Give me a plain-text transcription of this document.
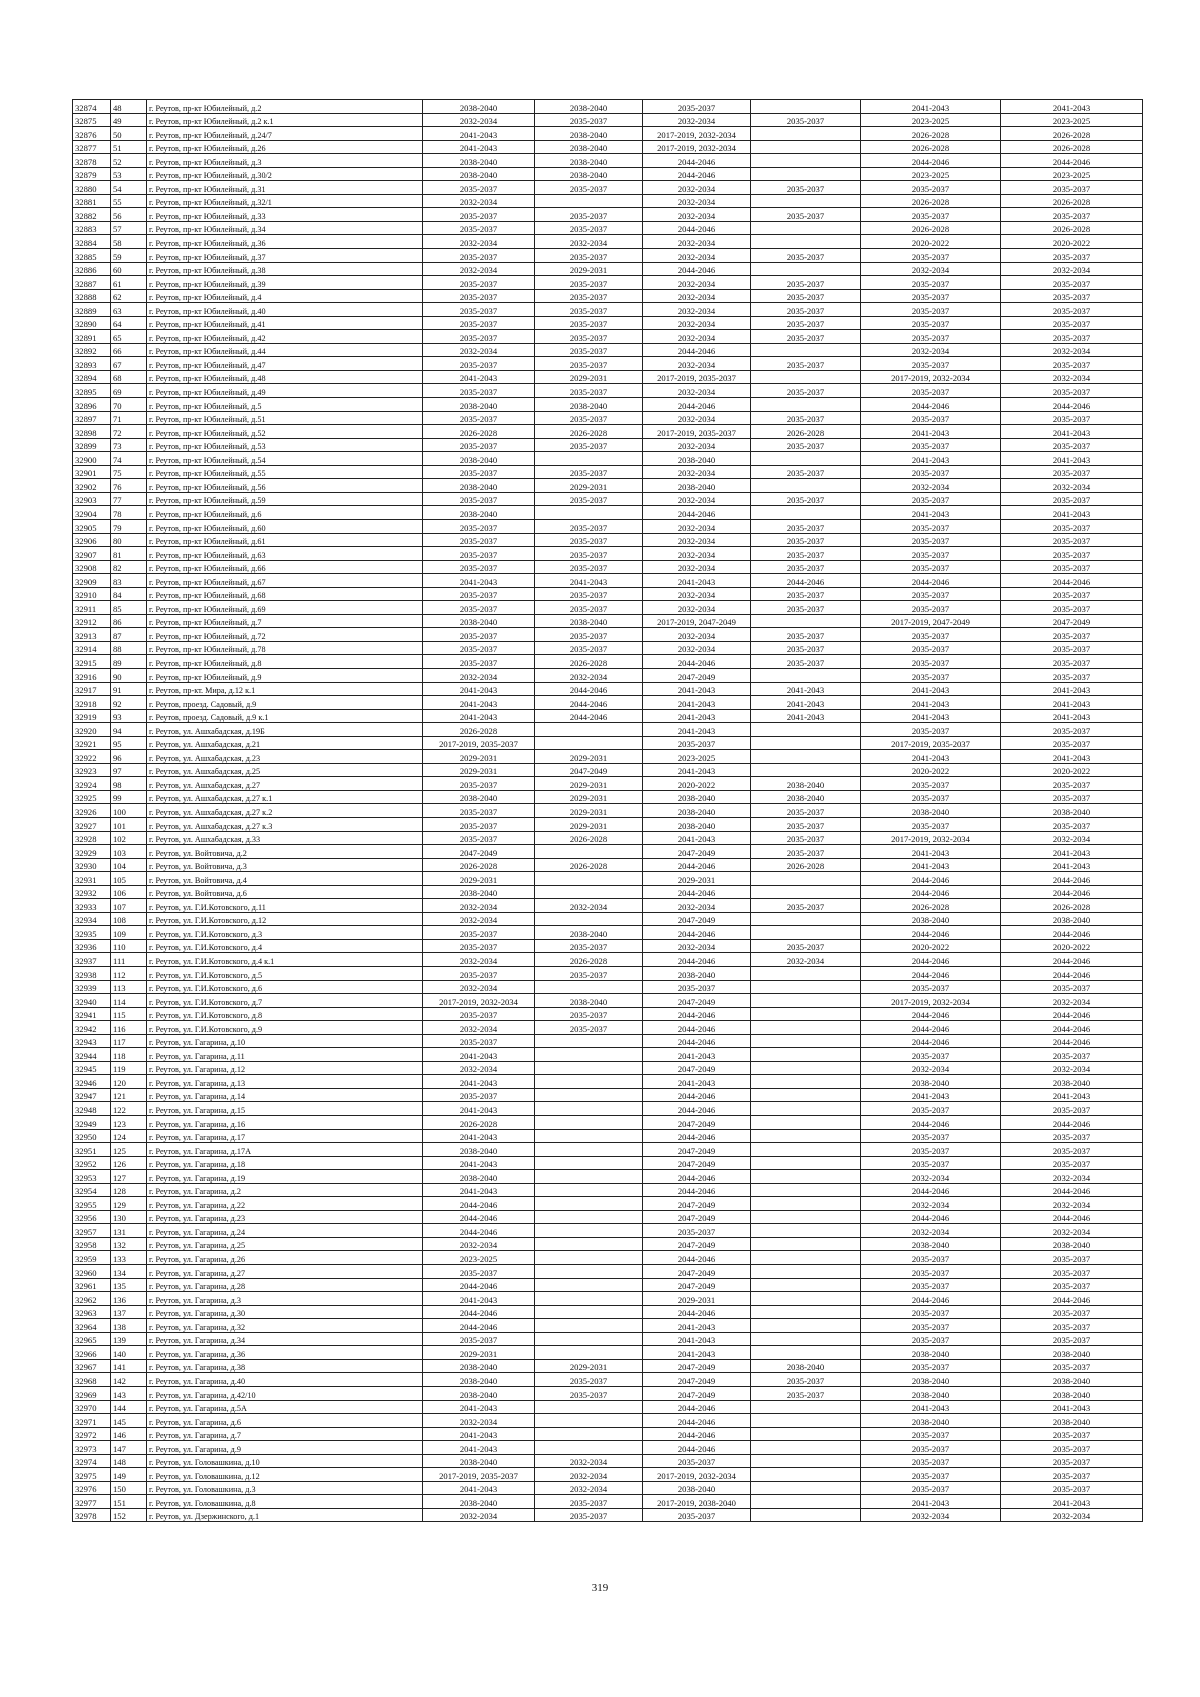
32874	48	г. Реутов, пр-кт Юбилейный, д.2	2038-2040	2038-2040	2035-2037		2041-2043	2041-2043
32875	49	г. Реутов, пр-кт Юбилейный, д.2 к.1	2032-2034	2035-2037	2032-2034	2035-2037	2023-2025	2023-2025
32876	50	г. Реутов, пр-кт Юбилейный, д.24/7	2041-2043	2038-2040	2017-2019, 2032-2034		2026-2028	2026-2028
32877	51	г. Реутов, пр-кт Юбилейный, д.26	2041-2043	2038-2040	2017-2019, 2032-2034		2026-2028	2026-2028
32878	52	г. Реутов, пр-кт Юбилейный, д.3	2038-2040	2038-2040	2044-2046		2044-2046	2044-2046
32879	53	г. Реутов, пр-кт Юбилейный, д.30/2	2038-2040	2038-2040	2044-2046		2023-2025	2023-2025
32880	54	г. Реутов, пр-кт Юбилейный, д.31	2035-2037	2035-2037	2032-2034	2035-2037	2035-2037	2035-2037
32881	55	г. Реутов, пр-кт Юбилейный, д.32/1	2032-2034		2032-2034		2026-2028	2026-2028
32882	56	г. Реутов, пр-кт Юбилейный, д.33	2035-2037	2035-2037	2032-2034	2035-2037	2035-2037	2035-2037
32883	57	г. Реутов, пр-кт Юбилейный, д.34	2035-2037	2035-2037	2044-2046		2026-2028	2026-2028
32884	58	г. Реутов, пр-кт Юбилейный, д.36	2032-2034	2032-2034	2032-2034		2020-2022	2020-2022
32885	59	г. Реутов, пр-кт Юбилейный, д.37	2035-2037	2035-2037	2032-2034	2035-2037	2035-2037	2035-2037
32886	60	г. Реутов, пр-кт Юбилейный, д.38	2032-2034	2029-2031	2044-2046		2032-2034	2032-2034
32887	61	г. Реутов, пр-кт Юбилейный, д.39	2035-2037	2035-2037	2032-2034	2035-2037	2035-2037	2035-2037
32888	62	г. Реутов, пр-кт Юбилейный, д.4	2035-2037	2035-2037	2032-2034	2035-2037	2035-2037	2035-2037
32889	63	г. Реутов, пр-кт Юбилейный, д.40	2035-2037	2035-2037	2032-2034	2035-2037	2035-2037	2035-2037
32890	64	г. Реутов, пр-кт Юбилейный, д.41	2035-2037	2035-2037	2032-2034	2035-2037	2035-2037	2035-2037
32891	65	г. Реутов, пр-кт Юбилейный, д.42	2035-2037	2035-2037	2032-2034	2035-2037	2035-2037	2035-2037
32892	66	г. Реутов, пр-кт Юбилейный, д.44	2032-2034	2035-2037	2044-2046		2032-2034	2032-2034
32893	67	г. Реутов, пр-кт Юбилейный, д.47	2035-2037	2035-2037	2032-2034	2035-2037	2035-2037	2035-2037
32894	68	г. Реутов, пр-кт Юбилейный, д.48	2041-2043	2029-2031	2017-2019, 2035-2037		2017-2019, 2032-2034	2032-2034
32895	69	г. Реутов, пр-кт Юбилейный, д.49	2035-2037	2035-2037	2032-2034	2035-2037	2035-2037	2035-2037
32896	70	г. Реутов, пр-кт Юбилейный, д.5	2038-2040	2038-2040	2044-2046		2044-2046	2044-2046
32897	71	г. Реутов, пр-кт Юбилейный, д.51	2035-2037	2035-2037	2032-2034	2035-2037	2035-2037	2035-2037
32898	72	г. Реутов, пр-кт Юбилейный, д.52	2026-2028	2026-2028	2017-2019, 2035-2037	2026-2028	2041-2043	2041-2043
32899	73	г. Реутов, пр-кт Юбилейный, д.53	2035-2037	2035-2037	2032-2034	2035-2037	2035-2037	2035-2037
32900	74	г. Реутов, пр-кт Юбилейный, д.54	2038-2040		2038-2040		2041-2043	2041-2043
32901	75	г. Реутов, пр-кт Юбилейный, д.55	2035-2037	2035-2037	2032-2034	2035-2037	2035-2037	2035-2037
32902	76	г. Реутов, пр-кт Юбилейный, д.56	2038-2040	2029-2031	2038-2040		2032-2034	2032-2034
32903	77	г. Реутов, пр-кт Юбилейный, д.59	2035-2037	2035-2037	2032-2034	2035-2037	2035-2037	2035-2037
32904	78	г. Реутов, пр-кт Юбилейный, д.6	2038-2040		2044-2046		2041-2043	2041-2043
32905	79	г. Реутов, пр-кт Юбилейный, д.60	2035-2037	2035-2037	2032-2034	2035-2037	2035-2037	2035-2037
32906	80	г. Реутов, пр-кт Юбилейный, д.61	2035-2037	2035-2037	2032-2034	2035-2037	2035-2037	2035-2037
32907	81	г. Реутов, пр-кт Юбилейный, д.63	2035-2037	2035-2037	2032-2034	2035-2037	2035-2037	2035-2037
32908	82	г. Реутов, пр-кт Юбилейный, д.66	2035-2037	2035-2037	2032-2034	2035-2037	2035-2037	2035-2037
32909	83	г. Реутов, пр-кт Юбилейный, д.67	2041-2043	2041-2043	2041-2043	2044-2046	2044-2046	2044-2046
32910	84	г. Реутов, пр-кт Юбилейный, д.68	2035-2037	2035-2037	2032-2034	2035-2037	2035-2037	2035-2037
32911	85	г. Реутов, пр-кт Юбилейный, д.69	2035-2037	2035-2037	2032-2034	2035-2037	2035-2037	2035-2037
32912	86	г. Реутов, пр-кт Юбилейный, д.7	2038-2040	2038-2040	2017-2019, 2047-2049		2017-2019, 2047-2049	2047-2049
32913	87	г. Реутов, пр-кт Юбилейный, д.72	2035-2037	2035-2037	2032-2034	2035-2037	2035-2037	2035-2037
32914	88	г. Реутов, пр-кт Юбилейный, д.78	2035-2037	2035-2037	2032-2034	2035-2037	2035-2037	2035-2037
32915	89	г. Реутов, пр-кт Юбилейный, д.8	2035-2037	2026-2028	2044-2046	2035-2037	2035-2037	2035-2037
32916	90	г. Реутов, пр-кт Юбилейный, д.9	2032-2034	2032-2034	2047-2049		2035-2037	2035-2037
32917	91	г. Реутов, пр-кт. Мира, д.12 к.1	2041-2043	2044-2046	2041-2043	2041-2043	2041-2043	2041-2043
32918	92	г. Реутов, проезд. Садовый, д.9	2041-2043	2044-2046	2041-2043	2041-2043	2041-2043	2041-2043
32919	93	г. Реутов, проезд. Садовый, д.9 к.1	2041-2043	2044-2046	2041-2043	2041-2043	2041-2043	2041-2043
32920	94	г. Реутов, ул. Ашхабадская, д.19Б	2026-2028		2041-2043		2035-2037	2035-2037
32921	95	г. Реутов, ул. Ашхабадская, д.21	2017-2019, 2035-2037		2035-2037		2017-2019, 2035-2037	2035-2037
32922	96	г. Реутов, ул. Ашхабадская, д.23	2029-2031	2029-2031	2023-2025		2041-2043	2041-2043
32923	97	г. Реутов, ул. Ашхабадская, д.25	2029-2031	2047-2049	2041-2043		2020-2022	2020-2022
32924	98	г. Реутов, ул. Ашхабадская, д.27	2035-2037	2029-2031	2020-2022	2038-2040	2035-2037	2035-2037
32925	99	г. Реутов, ул. Ашхабадская, д.27 к.1	2038-2040	2029-2031	2038-2040	2038-2040	2035-2037	2035-2037
32926	100	г. Реутов, ул. Ашхабадская, д.27 к.2	2035-2037	2029-2031	2038-2040	2035-2037	2038-2040	2038-2040
32927	101	г. Реутов, ул. Ашхабадская, д.27 к.3	2035-2037	2029-2031	2038-2040	2035-2037	2035-2037	2035-2037
32928	102	г. Реутов, ул. Ашхабадская, д.33	2035-2037	2026-2028	2041-2043	2035-2037	2017-2019, 2032-2034	2032-2034
32929	103	г. Реутов, ул. Войтовича, д.2	2047-2049		2047-2049	2035-2037	2041-2043	2041-2043
32930	104	г. Реутов, ул. Войтовича, д.3	2026-2028	2026-2028	2044-2046	2026-2028	2041-2043	2041-2043
32931	105	г. Реутов, ул. Войтовича, д.4	2029-2031		2029-2031		2044-2046	2044-2046
32932	106	г. Реутов, ул. Войтовича, д.6	2038-2040		2044-2046		2044-2046	2044-2046
32933	107	г. Реутов, ул. Г.И.Котовского, д.11	2032-2034	2032-2034	2032-2034	2035-2037	2026-2028	2026-2028
32934	108	г. Реутов, ул. Г.И.Котовского, д.12	2032-2034		2047-2049		2038-2040	2038-2040
32935	109	г. Реутов, ул. Г.И.Котовского, д.3	2035-2037	2038-2040	2044-2046		2044-2046	2044-2046
32936	110	г. Реутов, ул. Г.И.Котовского, д.4	2035-2037	2035-2037	2032-2034	2035-2037	2020-2022	2020-2022
32937	111	г. Реутов, ул. Г.И.Котовского, д.4 к.1	2032-2034	2026-2028	2044-2046	2032-2034	2044-2046	2044-2046
32938	112	г. Реутов, ул. Г.И.Котовского, д.5	2035-2037	2035-2037	2038-2040		2044-2046	2044-2046
32939	113	г. Реутов, ул. Г.И.Котовского, д.6	2032-2034		2035-2037		2035-2037	2035-2037
32940	114	г. Реутов, ул. Г.И.Котовского, д.7	2017-2019, 2032-2034	2038-2040	2047-2049		2017-2019, 2032-2034	2032-2034
32941	115	г. Реутов, ул. Г.И.Котовского, д.8	2035-2037	2035-2037	2044-2046		2044-2046	2044-2046
32942	116	г. Реутов, ул. Г.И.Котовского, д.9	2032-2034	2035-2037	2044-2046		2044-2046	2044-2046
32943	117	г. Реутов, ул. Гагарина, д.10	2035-2037		2044-2046		2044-2046	2044-2046
32944	118	г. Реутов, ул. Гагарина, д.11	2041-2043		2041-2043		2035-2037	2035-2037
32945	119	г. Реутов, ул. Гагарина, д.12	2032-2034		2047-2049		2032-2034	2032-2034
32946	120	г. Реутов, ул. Гагарина, д.13	2041-2043		2041-2043		2038-2040	2038-2040
32947	121	г. Реутов, ул. Гагарина, д.14	2035-2037		2044-2046		2041-2043	2041-2043
32948	122	г. Реутов, ул. Гагарина, д.15	2041-2043		2044-2046		2035-2037	2035-2037
32949	123	г. Реутов, ул. Гагарина, д.16	2026-2028		2047-2049		2044-2046	2044-2046
32950	124	г. Реутов, ул. Гагарина, д.17	2041-2043		2044-2046		2035-2037	2035-2037
32951	125	г. Реутов, ул. Гагарина, д.17А	2038-2040		2047-2049		2035-2037	2035-2037
32952	126	г. Реутов, ул. Гагарина, д.18	2041-2043		2047-2049		2035-2037	2035-2037
32953	127	г. Реутов, ул. Гагарина, д.19	2038-2040		2044-2046		2032-2034	2032-2034
32954	128	г. Реутов, ул. Гагарина, д.2	2041-2043		2044-2046		2044-2046	2044-2046
32955	129	г. Реутов, ул. Гагарина, д.22	2044-2046		2047-2049		2032-2034	2032-2034
32956	130	г. Реутов, ул. Гагарина, д.23	2044-2046		2047-2049		2044-2046	2044-2046
32957	131	г. Реутов, ул. Гагарина, д.24	2044-2046		2035-2037		2032-2034	2032-2034
32958	132	г. Реутов, ул. Гагарина, д.25	2032-2034		2047-2049		2038-2040	2038-2040
32959	133	г. Реутов, ул. Гагарина, д.26	2023-2025		2044-2046		2035-2037	2035-2037
32960	134	г. Реутов, ул. Гагарина, д.27	2035-2037		2047-2049		2035-2037	2035-2037
32961	135	г. Реутов, ул. Гагарина, д.28	2044-2046		2047-2049		2035-2037	2035-2037
32962	136	г. Реутов, ул. Гагарина, д.3	2041-2043		2029-2031		2044-2046	2044-2046
32963	137	г. Реутов, ул. Гагарина, д.30	2044-2046		2044-2046		2035-2037	2035-2037
32964	138	г. Реутов, ул. Гагарина, д.32	2044-2046		2041-2043		2035-2037	2035-2037
32965	139	г. Реутов, ул. Гагарина, д.34	2035-2037		2041-2043		2035-2037	2035-2037
32966	140	г. Реутов, ул. Гагарина, д.36	2029-2031		2041-2043		2038-2040	2038-2040
32967	141	г. Реутов, ул. Гагарина, д.38	2038-2040	2029-2031	2047-2049	2038-2040	2035-2037	2035-2037
32968	142	г. Реутов, ул. Гагарина, д.40	2038-2040	2035-2037	2047-2049	2035-2037	2038-2040	2038-2040
32969	143	г. Реутов, ул. Гагарина, д.42/10	2038-2040	2035-2037	2047-2049	2035-2037	2038-2040	2038-2040
32970	144	г. Реутов, ул. Гагарина, д.5А	2041-2043		2044-2046		2041-2043	2041-2043
32971	145	г. Реутов, ул. Гагарина, д.6	2032-2034		2044-2046		2038-2040	2038-2040
32972	146	г. Реутов, ул. Гагарина, д.7	2041-2043		2044-2046		2035-2037	2035-2037
32973	147	г. Реутов, ул. Гагарина, д.9	2041-2043		2044-2046		2035-2037	2035-2037
32974	148	г. Реутов, ул. Головашкина, д.10	2038-2040	2032-2034	2035-2037		2035-2037	2035-2037
32975	149	г. Реутов, ул. Головашкина, д.12	2017-2019, 2035-2037	2032-2034	2017-2019, 2032-2034		2035-2037	2035-2037
32976	150	г. Реутов, ул. Головашкина, д.3	2041-2043	2032-2034	2038-2040		2035-2037	2035-2037
32977	151	г. Реутов, ул. Головашкина, д.8	2038-2040	2035-2037	2017-2019, 2038-2040		2041-2043	2041-2043
32978	152	г. Реутов, ул. Дзержинского, д.1	2032-2034	2035-2037	2035-2037		2032-2034	2032-2034
319
